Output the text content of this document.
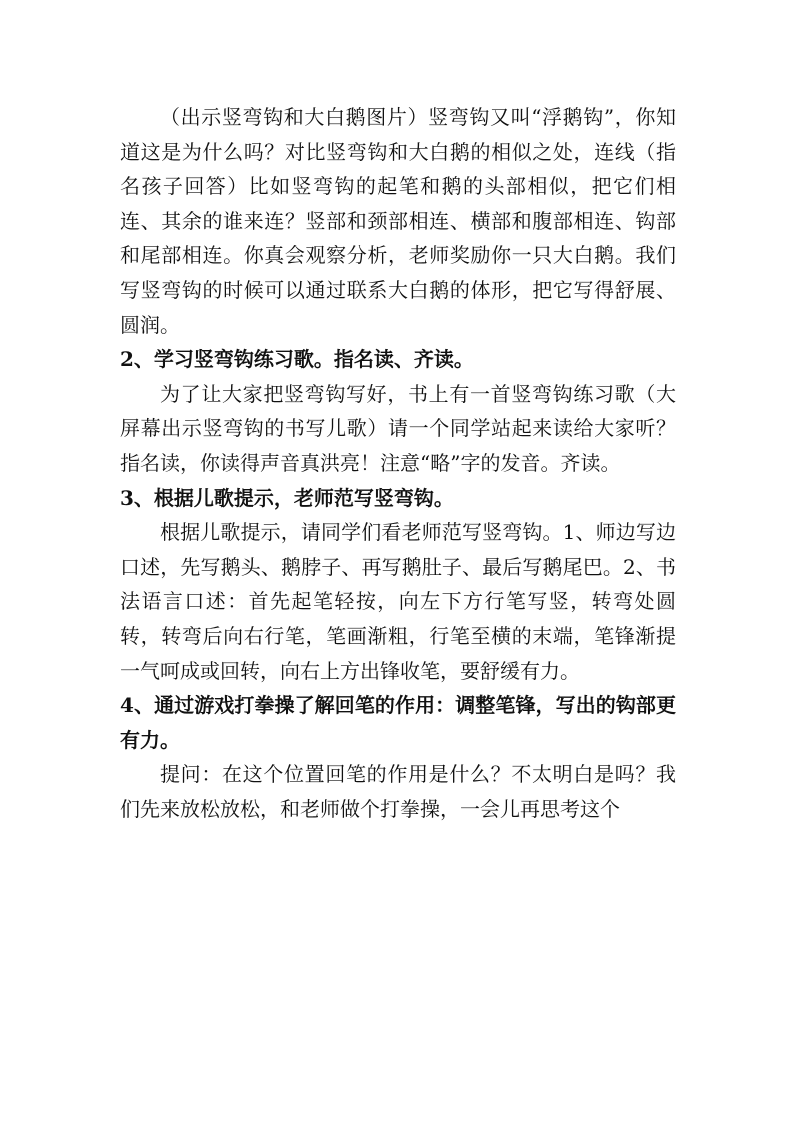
（出示竖弯钩和大白鹅图片）竖弯钩又叫“浮鹅钩”，你知道这是为什么吗？对比竖弯钩和大白鹅的相似之处，连线（指名孩子回答）比如竖弯钩的起笔和鹅的头部相似，把它们相连、其余的谁来连？竖部和颈部相连、横部和腹部相连、钩部和尾部相连。你真会观察分析，老师奖励你一只大白鹅。我们写竖弯钩的时候可以通过联系大白鹅的体形，把它写得舒展、圆润。

2、学习竖弯钩练习歌。指名读、齐读。

为了让大家把竖弯钩写好，书上有一首竖弯钩练习歌（大屏幕出示竖弯钩的书写儿歌）请一个同学站起来读给大家听？指名读，你读得声音真洪亮！注意“略”字的发音。齐读。

3、根据儿歌提示，老师范写竖弯钩。

根据儿歌提示，请同学们看老师范写竖弯钩。1、师边写边口述，先写鹅头、鹅脖子、再写鹅肚子、最后写鹅尾巴。2、书法语言口述：首先起笔轻按，向左下方行笔写竖，转弯处圆转，转弯后向右行笔，笔画渐粗，行笔至横的末端，笔锋渐提一气呵成或回转，向右上方出锋收笔，要舒缓有力。

4、通过游戏打拳操了解回笔的作用：调整笔锋，写出的钩部更有力。

提问：在这个位置回笔的作用是什么？不太明白是吗？我们先来放松放松，和老师做个打拳操，一会儿再思考这个
